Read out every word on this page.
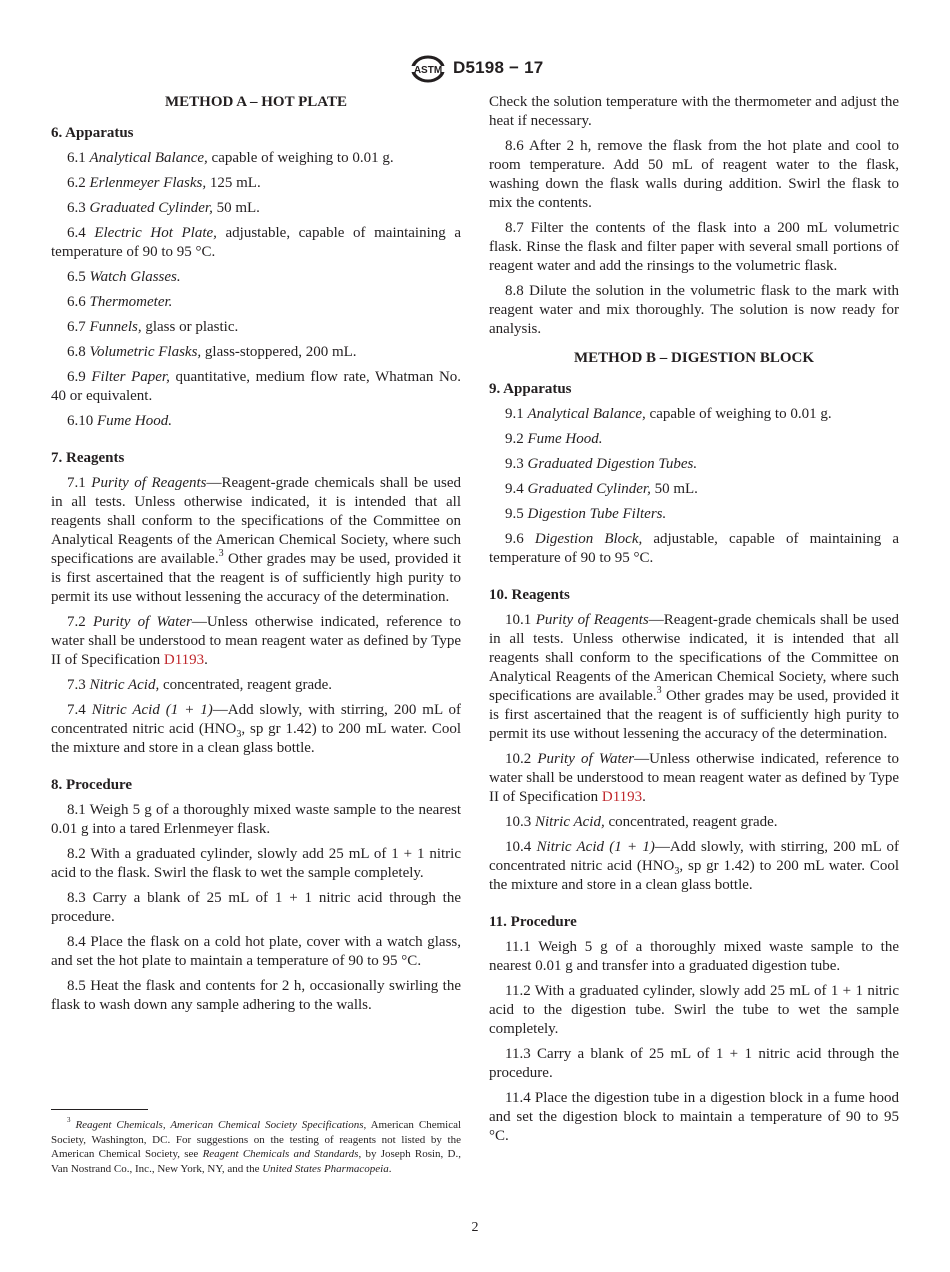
ASTM D5198 − 17

METHOD A – HOT PLATE

6. Apparatus

6.1 Analytical Balance, capable of weighing to 0.01 g.

6.2 Erlenmeyer Flasks, 125 mL.

6.3 Graduated Cylinder, 50 mL.

6.4 Electric Hot Plate, adjustable, capable of maintaining a temperature of 90 to 95 °C.

6.5 Watch Glasses.

6.6 Thermometer.

6.7 Funnels, glass or plastic.

6.8 Volumetric Flasks, glass-stoppered, 200 mL.

6.9 Filter Paper, quantitative, medium flow rate, Whatman No. 40 or equivalent.

6.10 Fume Hood.

7. Reagents

7.1 Purity of Reagents—Reagent-grade chemicals shall be used in all tests. Unless otherwise indicated, it is intended that all reagents shall conform to the specifications of the Committee on Analytical Reagents of the American Chemical Society, where such specifications are available.$^3$ Other grades may be used, provided it is first ascertained that the reagent is of sufficiently high purity to permit its use without lessening the accuracy of the determination.

7.2 Purity of Water—Unless otherwise indicated, reference to water shall be understood to mean reagent water as defined by Type II of Specification D1193.

7.3 Nitric Acid, concentrated, reagent grade.

7.4 Nitric Acid (1 + 1)—Add slowly, with stirring, 200 mL of concentrated nitric acid ($HNO_3$, sp gr 1.42) to 200 mL water. Cool the mixture and store in a clean glass bottle.

8. Procedure

8.1 Weigh 5 g of a thoroughly mixed waste sample to the nearest 0.01 g into a tared Erlenmeyer flask.

8.2 With a graduated cylinder, slowly add 25 mL of 1 + 1 nitric acid to the flask. Swirl the flask to wet the sample completely.

8.3 Carry a blank of 25 mL of 1 + 1 nitric acid through the procedure.

8.4 Place the flask on a cold hot plate, cover with a watch glass, and set the hot plate to maintain a temperature of 90 to 95 °C.

8.5 Heat the flask and contents for 2 h, occasionally swirling the flask to wash down any sample adhering to the walls.

$^3$ Reagent Chemicals, American Chemical Society Specifications, American Chemical Society, Washington, DC. For suggestions on the testing of reagents not listed by the American Chemical Society, see Reagent Chemicals and Standards, by Joseph Rosin, D., Van Nostrand Co., Inc., New York, NY, and the United States Pharmacopeia.

Check the solution temperature with the thermometer and adjust the heat if necessary.

8.6 After 2 h, remove the flask from the hot plate and cool to room temperature. Add 50 mL of reagent water to the flask, washing down the flask walls during addition. Swirl the flask to mix the contents.

8.7 Filter the contents of the flask into a 200 mL volumetric flask. Rinse the flask and filter paper with several small portions of reagent water and add the rinsings to the volumetric flask.

8.8 Dilute the solution in the volumetric flask to the mark with reagent water and mix thoroughly. The solution is now ready for analysis.

METHOD B – DIGESTION BLOCK

9. Apparatus

9.1 Analytical Balance, capable of weighing to 0.01 g.

9.2 Fume Hood.

9.3 Graduated Digestion Tubes.

9.4 Graduated Cylinder, 50 mL.

9.5 Digestion Tube Filters.

9.6 Digestion Block, adjustable, capable of maintaining a temperature of 90 to 95 °C.

10. Reagents

10.1 Purity of Reagents—Reagent-grade chemicals shall be used in all tests. Unless otherwise indicated, it is intended that all reagents shall conform to the specifications of the Committee on Analytical Reagents of the American Chemical Society, where such specifications are available.$^3$ Other grades may be used, provided it is first ascertained that the reagent is of sufficiently high purity to permit its use without lessening the accuracy of the determination.

10.2 Purity of Water—Unless otherwise indicated, reference to water shall be understood to mean reagent water as defined by Type II of Specification D1193.

10.3 Nitric Acid, concentrated, reagent grade.

10.4 Nitric Acid (1 + 1)—Add slowly, with stirring, 200 mL of concentrated nitric acid ($HNO_3$, sp gr 1.42) to 200 mL water. Cool the mixture and store in a clean glass bottle.

11. Procedure

11.1 Weigh 5 g of a thoroughly mixed waste sample to the nearest 0.01 g and transfer into a graduated digestion tube.

11.2 With a graduated cylinder, slowly add 25 mL of 1 + 1 nitric acid to the digestion tube. Swirl the tube to wet the sample completely.

11.3 Carry a blank of 25 mL of 1 + 1 nitric acid through the procedure.

11.4 Place the digestion tube in a digestion block in a fume hood and set the digestion block to maintain a temperature of 90 to 95 °C.

2
